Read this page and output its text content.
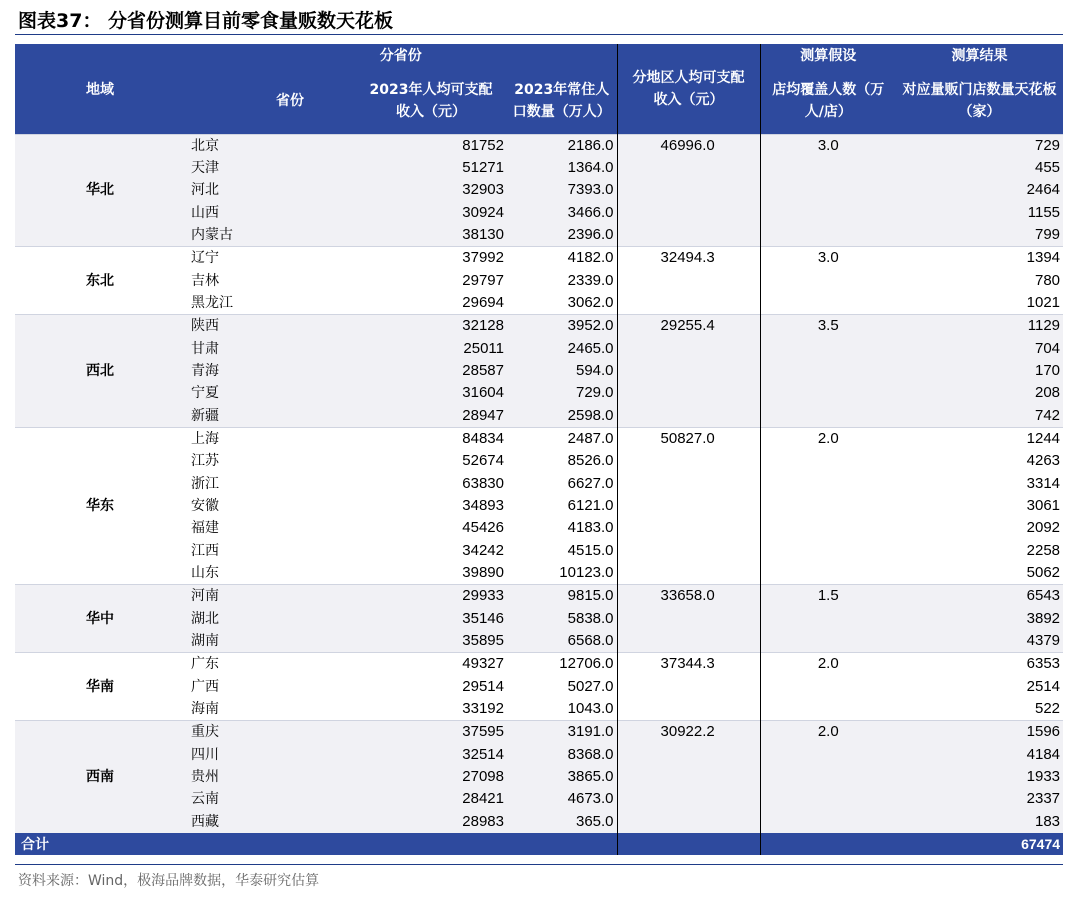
图表37： 分省份测算目前零食量贩数天花板
地域	分省份			分地区人均可支配收入（元）	测算假设	测算结果

	省份	2023年人均可支配收入（元）	2023年常住人口数量（万人）		店均覆盖人数（万人/店）	对应量贩门店数量天花板（家）

华北	北京	81752	2186.0	46996.0	3.0	729
	天津	51271	1364.0			455
	河北	32903	7393.0			2464
	山西	30924	3466.0			1155
	内蒙古	38130	2396.0			799
东北	辽宁	37992	4182.0	32494.3	3.0	1394
	吉林	29797	2339.0			780
	黑龙江	29694	3062.0			1021
西北	陕西	32128	3952.0	29255.4	3.5	1129
	甘肃	25011	2465.0			704
	青海	28587	594.0			170
	宁夏	31604	729.0			208
	新疆	28947	2598.0			742
华东	上海	84834	2487.0	50827.0	2.0	1244
	江苏	52674	8526.0			4263
	浙江	63830	6627.0			3314
	安徽	34893	6121.0			3061
	福建	45426	4183.0			2092
	江西	34242	4515.0			2258
	山东	39890	10123.0			5062
华中	河南	29933	9815.0	33658.0	1.5	6543
	湖北	35146	5838.0			3892
	湖南	35895	6568.0			4379
华南	广东	49327	12706.0	37344.3	2.0	6353
	广西	29514	5027.0			2514
	海南	33192	1043.0			522
西南	重庆	37595	3191.0	30922.2	2.0	1596
	四川	32514	8368.0			4184
	贵州	27098	3865.0			1933
	云南	28421	4673.0			2337
	西藏	28983	365.0			183
合计						67474
资料来源：Wind，极海品牌数据，华泰研究估算
